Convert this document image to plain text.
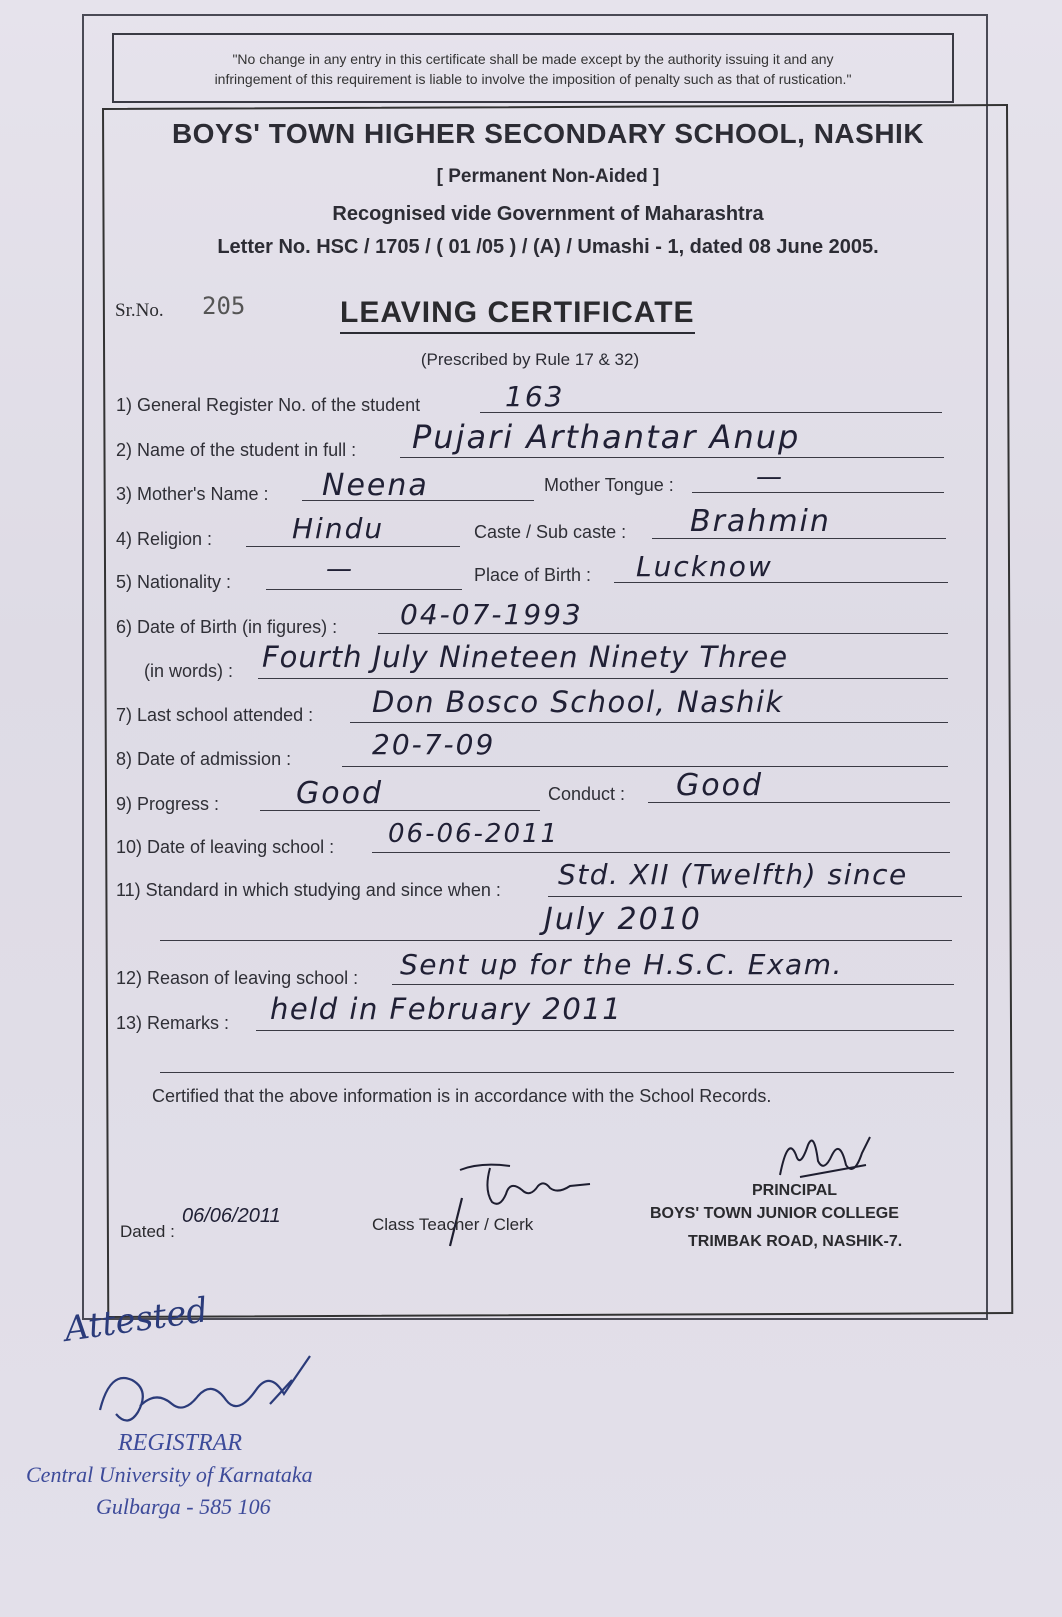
"No change in any entry in this certificate shall be made except by the authority issuing it and any
infringement of this requirement is liable to involve the imposition of penalty such as that of rustication."
BOYS' TOWN HIGHER SECONDARY SCHOOL, NASHIK
[ Permanent Non-Aided ]
Recognised vide Government of Maharashtra
Letter No. HSC / 1705 / ( 01 /05 ) / (A) / Umashi - 1, dated 08 June 2005.
Sr.No. 205	LEAVING CERTIFICATE
(Prescribed by Rule 17 & 32)
1) General Register No. of the student	163
2) Name of the student in full : Pujari Arthantar Anup
3) Mother's Name : Neena	Mother Tongue :	—
4) Religion :	Hindu	Caste / Sub caste : Brahmin
5) Nationality :	—	Place of Birth : Lucknow
6) Date of Birth (in figures) : 04-07-1993
(in words) : Fourth July Nineteen Ninety Three
7) Last school attended : Don Bosco School, Nashik
8) Date of admission :	20-7-09
9) Progress :	Good	Conduct : Good
10) Date of leaving school : 06-06-2011
11) Standard in which studying and since when : Std. XII (Twelfth) since
July 2010
12) Reason of leaving school : Sent up for the H.S.C. Exam.
13) Remarks : held in February 2011
Certified that the above information is in accordance with the School Records.
Dated :
06/06/2011	Class Teacher / Clerk
PRINCIPAL
BOYS' TOWN JUNIOR COLLEGE
TRIMBAK ROAD, NASHIK-7.
Attested
REGISTRAR
Central University of Karnataka
Gulbarga - 585 106
